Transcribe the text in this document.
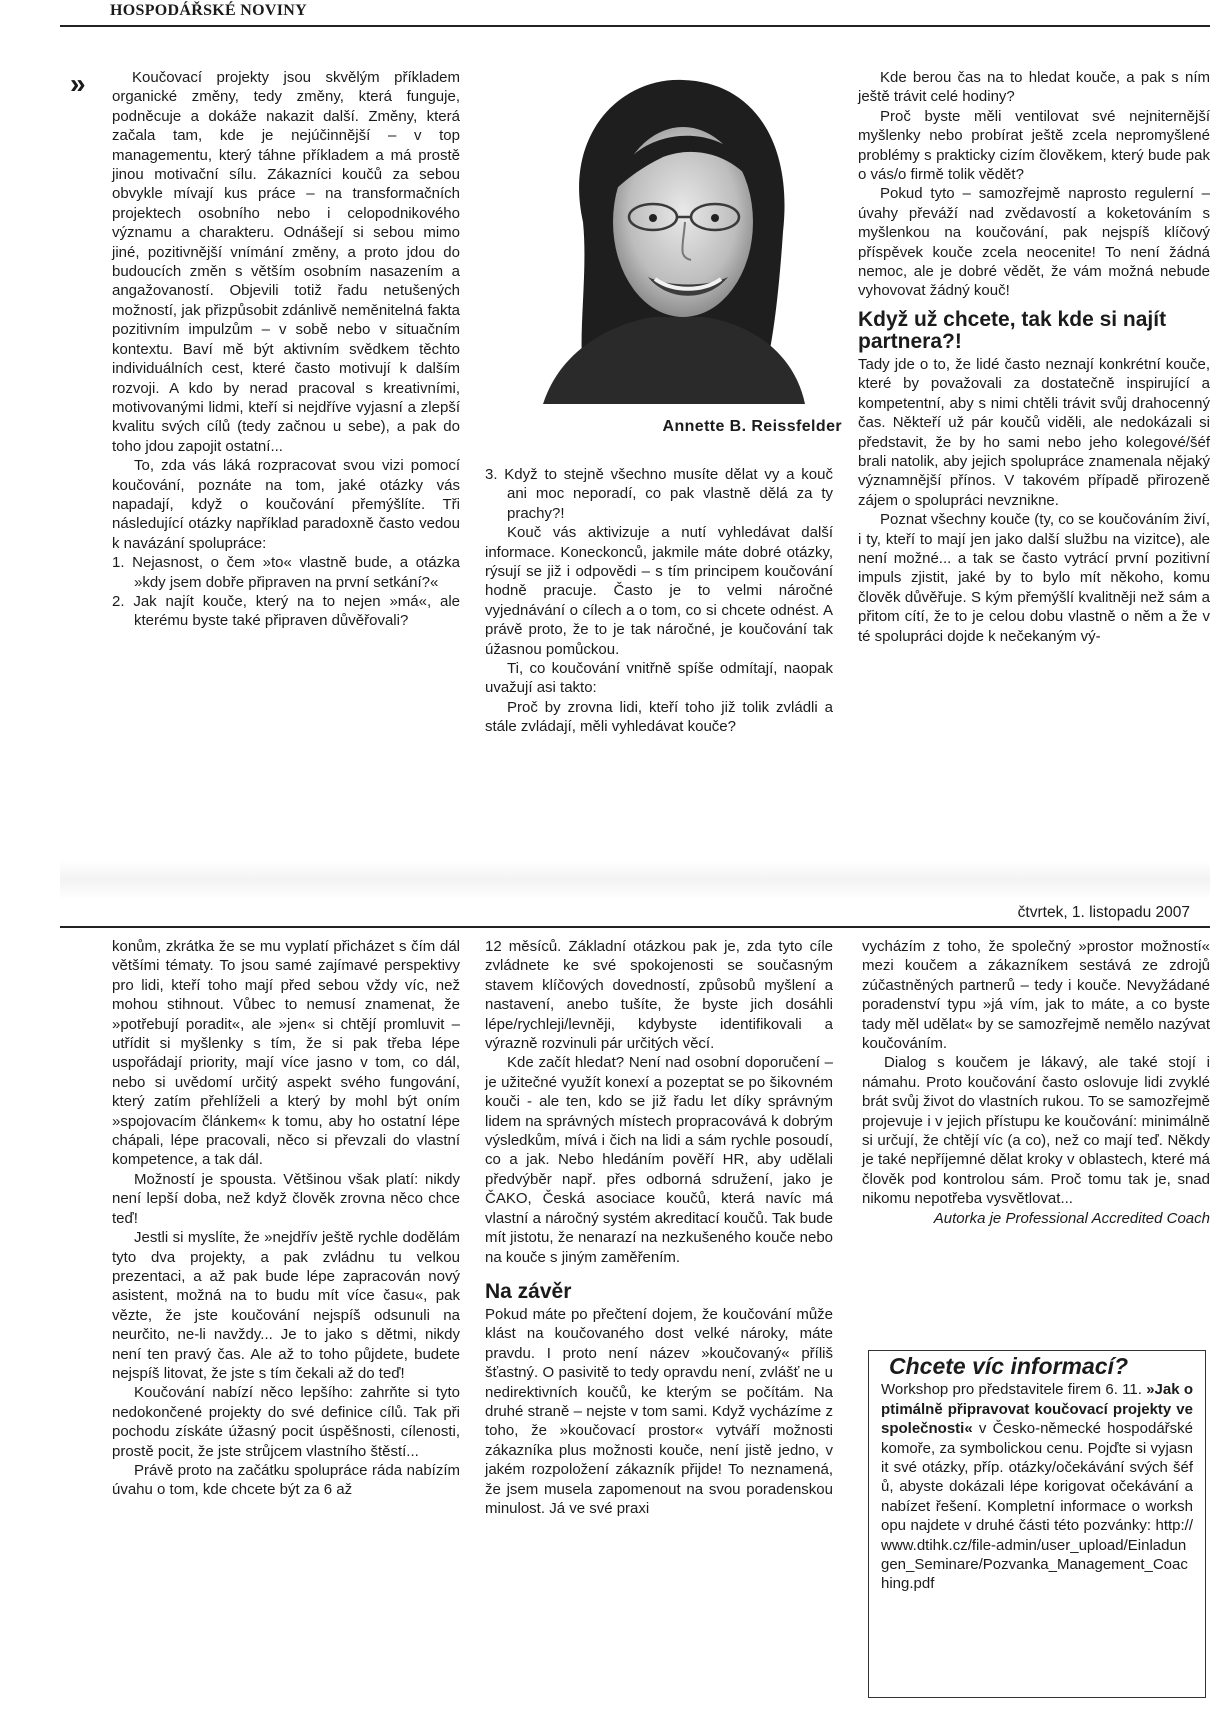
HOSPODÁŘSKÉ NOVINY
»	Koučovací projekty jsou skvělým příkladem organické změny, tedy změny, která funguje, podněcuje a dokáže nakazit další. Změny, která začala tam, kde je nejúčinnější – v top managementu, který táhne příkladem a má prostě jinou motivační sílu. Zákazníci koučů za sebou obvykle mívají kus práce – na transformačních projektech osobního nebo i celopodnikového významu a charakteru. Odnášejí si sebou mimo jiné, pozitivnější vnímání změny, a proto jdou do budoucích změn s větším osobním nasazením a angažovaností. Objevili totiž řadu netušených možností, jak přizpůsobit zdánlivě neměnitelná fakta pozitivním impulzům – v sobě nebo v situačním kontextu. Baví mě být aktivním svědkem těchto individuálních cest, které často motivují k dalším rozvoji. A kdo by nerad pracoval s kreativními, motivovanými lidmi, kteří si nejdříve vyjasní a zlepší kvalitu svých cílů (tedy začnou u sebe), a pak do toho jdou zapojit ostatní...

To, zda vás láká rozpracovat svou vizi pomocí koučování, poznáte na tom, jaké otázky vás napadají, když o koučování přemýšlíte. Tři následující otázky například paradoxně často vedou k navázání spolupráce:

1. Nejasnost, o čem »to« vlastně bude, a otázka »kdy jsem dobře připraven na první setkání?«
2. Jak najít kouče, který na to nejen »má«, ale kterému byste také připraven důvěřovali?
Annette B. Reissfelder
3. Když to stejně všechno musíte dělat vy a kouč ani moc neporadí, co pak vlastně dělá za ty prachy?!

Kouč vás aktivizuje a nutí vyhledávat další informace. Koneckonců, jakmile máte dobré otázky, rýsují se již i odpovědi – s tím principem koučování hodně pracuje. Často je to velmi náročné vyjednávání o cílech a o tom, co si chcete odnést. A právě proto, že to je tak náročné, je koučování tak úžasnou pomůckou.

Ti, co koučování vnitřně spíše odmítají, naopak uvažují asi takto:

Proč by zrovna lidi, kteří toho již tolik zvládli a stále zvládají, měli vyhledávat kouče?

Kde berou čas na to hledat kouče, a pak s ním ještě trávit celé hodiny?

Proč byste měli ventilovat své nejniternější myšlenky nebo probírat ještě zcela nepromyšlené problémy s prakticky cizím člověkem, který bude pak o vás/o firmě tolik vědět?

Pokud tyto – samozřejmě naprosto regulerní – úvahy převáží nad zvědavostí a koketováním s myšlenkou na koučování, pak nejspíš klíčový příspěvek kouče zcela neocenite! To není žádná nemoc, ale je dobré vědět, že vám možná nebude vyhovovat žádný kouč!

Když už chcete, tak kde si najít partnera?!

Tady jde o to, že lidé často neznají konkrétní kouče, které by považovali za dostatečně inspirující a kompetentní, aby s nimi chtěli trávit svůj drahocenný čas. Někteří už pár koučů viděli, ale nedokázali si představit, že by ho sami nebo jeho kolegové/šéf brali natolik, aby jejich spolupráce znamenala nějaký významnější přínos. V takovém případě přirozeně zájem o spolupráci nevznikne.

Poznat všechny kouče (ty, co se koučováním živí, i ty, kteří to mají jen jako další službu na vizitce), ale není možné... a tak se často vytrácí první pozitivní impuls zjistit, jaké by to bylo mít někoho, komu člověk důvěřuje. S kým přemýšlí kvalitněji než sám a přitom cítí, že to je celou dobu vlastně o něm a že v té spolupráci dojde k nečekaným vý-

čtvrtek, 1. listopadu 2007

konům, zkrátka že se mu vyplatí přicházet s čím dál většími tématy. To jsou samé zajímavé perspektivy pro lidi, kteří toho mají před sebou vždy víc, než mohou stihnout. Vůbec to nemusí znamenat, že »potřebují poradit«, ale »jen« si chtějí promluvit – utřídit si myšlenky s tím, že si pak třeba lépe uspořádají priority, mají více jasno v tom, co dál, nebo si uvědomí určitý aspekt svého fungování, který zatím přehlíželi a který by mohl být oním »spojovacím článkem« k tomu, aby ho ostatní lépe chápali, lépe pracovali, něco si převzali do vlastní kompetence, a tak dál.

Možností je spousta. Většinou však platí: nikdy není lepší doba, než když člověk zrovna něco chce teď!

Jestli si myslíte, že »nejdřív ještě rychle dodělám tyto dva projekty, a pak zvládnu tu velkou prezentaci, a až pak bude lépe zapracován nový asistent, možná na to budu mít více času«, pak vězte, že jste koučování nejspíš odsunuli na neurčito, ne-li navždy... Je to jako s dětmi, nikdy není ten pravý čas. Ale až to toho půjdete, budete nejspíš litovat, že jste s tím čekali až do teď!

Koučování nabízí něco lepšího: zahrňte si tyto nedokončené projekty do své definice cílů. Tak při pochodu získáte úžasný pocit úspěšnosti, cílenosti, prostě pocit, že jste strůjcem vlastního štěstí...

Právě proto na začátku spolupráce ráda nabízím úvahu o tom, kde chcete být za 6 až

12 měsíců. Základní otázkou pak je, zda tyto cíle zvládnete ke své spokojenosti se současným stavem klíčových dovedností, způsobů myšlení a nastavení, anebo tušíte, že byste jich dosáhli lépe/rychleji/levněji, kdybyste identifikovali a výrazně rozvinuli pár určitých věcí.

Kde začít hledat? Není nad osobní doporučení – je užitečné využít konexí a pozeptat se po šikovném kouči - ale ten, kdo se již řadu let díky správným lidem na správných místech propracovává k dobrým výsledkům, mívá i čich na lidi a sám rychle posoudí, co a jak. Nebo hledáním pověří HR, aby udělali předvýběr např. přes odborná sdružení, jako je ČAKO, Česká asociace koučů, která navíc má vlastní a náročný systém akreditací koučů. Tak bude mít jistotu, že nenarazí na nezkušeného kouče nebo na kouče s jiným zaměřením.

Na závěr

Pokud máte po přečtení dojem, že koučování může klást na koučovaného dost velké nároky, máte pravdu. I proto není název »koučovaný« příliš šťastný. O pasivitě to tedy opravdu není, zvlášť ne u nedirektivních koučů, ke kterým se počítám. Na druhé straně – nejste v tom sami. Když vycházíme z toho, že »koučovací prostor« vytváří možnosti zákazníka plus možnosti kouče, není jistě jedno, v jakém rozpoložení zákazník přijde! To neznamená, že jsem musela zapomenout na svou poradenskou minulost. Já ve své praxi

vycházím z toho, že společný »prostor možností« mezi koučem a zákazníkem sestává ze zdrojů zúčastněných partnerů – tedy i kouče. Nevyžádané poradenství typu »já vím, jak to máte, a co byste tady měl udělat« by se samozřejmě nemělo nazývat koučováním.

Dialog s koučem je lákavý, ale také stojí i námahu. Proto koučování často oslovuje lidi zvyklé brát svůj život do vlastních rukou. To se samozřejmě projevuje i v jejich přístupu ke koučování: minimálně si určují, že chtějí víc (a co), než co mají teď. Někdy je také nepříjemné dělat kroky v oblastech, které má člověk pod kontrolou sám. Proč tomu tak je, snad nikomu nepotřeba vysvětlovat...

Autorka je Professional Accredited Coach

Chcete víc informací?
Workshop pro představitele firem 6. 11. »Jak optimálně připravovat koučovací projekty ve společnosti« v Česko-německé hospodářské komoře, za symbolickou cenu. Pojďte si vyjasnit své otázky, příp. otázky/očekávání svých šéfů, abyste dokázali lépe korigovat očekávání a nabízet řešení. Kompletní informace o workshopu najdete v druhé části této pozvánky: http://www.dtihk.cz/file-admin/user_upload/Einladungen_Seminare/Pozvanka_Management_Coaching.pdf
